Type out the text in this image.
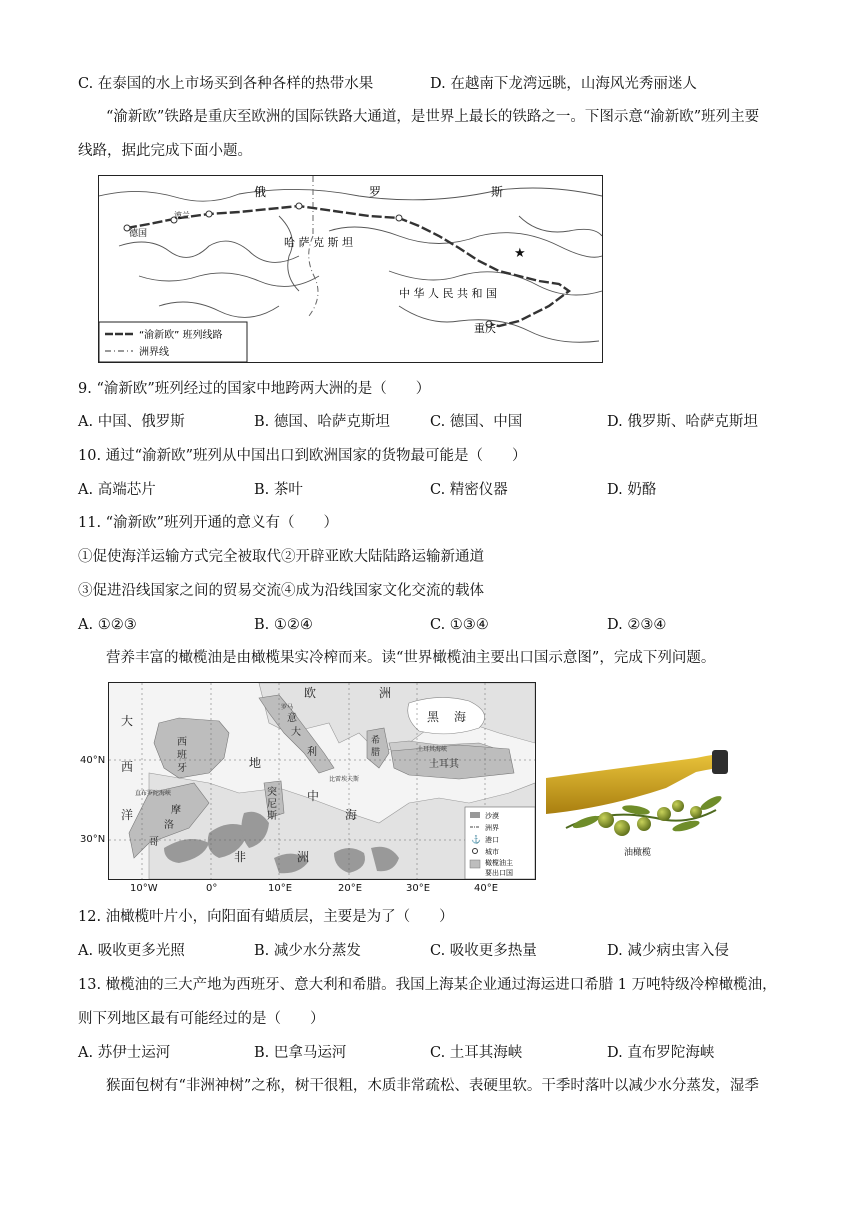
C. 在泰国的水上市场买到各种各样的热带水果	D. 在越南下龙湾远眺，山海风光秀丽迷人
“渝新欧”铁路是重庆至欧洲的国际铁路大通道，是世界上最长的铁路之一。下图示意“渝新欧”班列主要
线路，据此完成下面小题。
★
俄	罗	斯
波兰
德国
哈 萨 克 斯 坦
中 华 人 民 共 和 国
重庆
“渝新欧” 班列线路
洲界线
9. “渝新欧”班列经过的国家中地跨两大洲的是（　　）
A. 中国、俄罗斯	B. 德国、哈萨克斯坦	C. 德国、中国	D. 俄罗斯、哈萨克斯坦
10. 通过“渝新欧”班列从中国出口到欧洲国家的货物最可能是（　　）
A. 高端芯片	B. 茶叶	C. 精密仪器	D. 奶酪
11. “渝新欧”班列开通的意义有（　　）
①促使海洋运输方式完全被取代②开辟亚欧大陆陆路运输新通道
③促进沿线国家之间的贸易交流④成为沿线国家文化交流的载体
A. ①②③	B. ①②④	C. ①③④	D. ②③④
营养丰富的橄榄油是由橄榄果实冷榨而来。读“世界橄榄油主要出口国示意图”，完成下列问题。
大
西
洋
西
班
牙
摩
洛
哥
突
尼
斯
地
中
海
欧	洲
非	洲
黑 海
土耳其
意
大
利
希
腊
直布罗陀海峡
土耳其海峡
比雷埃夫斯
罗马
沙漠
洲界
⚓ 港口
城市
橄榄油主
要出口国
40°N
30°N
10°W	0°	10°E	20°E	30°E	40°E
油橄榄
12. 油橄榄叶片小，向阳面有蜡质层，主要是为了（　　）
A. 吸收更多光照	B. 减少水分蒸发	C. 吸收更多热量	D. 减少病虫害入侵
13. 橄榄油的三大产地为西班牙、意大利和希腊。我国上海某企业通过海运进口希腊 1 万吨特级冷榨橄榄油，
则下列地区最有可能经过的是（　　）
A. 苏伊士运河	B. 巴拿马运河	C. 土耳其海峡	D. 直布罗陀海峡
猴面包树有“非洲神树”之称，树干很粗，木质非常疏松、表硬里软。干季时落叶以减少水分蒸发，湿季
